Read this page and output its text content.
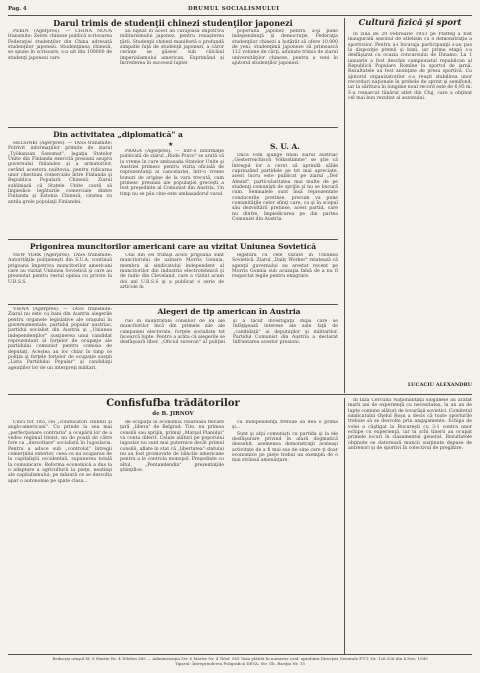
Pag. 4	DRUMUL SOCIALISMULUI
Darul trimis de studenţii chinezi studenţilor japonezi

PEKIN (Agerpres). — CHINA NOUA transmite: Zeirei chineze publică scrisoarea Federaţiei studenţilor din China adresată studenţilor japonezi. Studenţimea chineză, se spune în scrisoare, s-a uit din 100000 de studenţi japonezi care

au luptat în acest an curajoasă împotriva militarismului japonez, pentru renaşterea ţării. Studenţii chinezi manifestă o profundă simpatie faţă de studenţii japonezi, a căror cerinţe se găsesc sub călcâiul imperialismului american. Exprimând şi încrederea în succesul luptei

poporului japonez pentru a-şi pune independenţă şi democraţie, Federaţia studenţilor chinezi a hotărât să ofere 10.000 de yeni, studenţimii japoneze să primească 112 volume de cărţi, adunate trimis de ziarul universităţilor chineze, pentru a veni în ajutorul studenţilor japonezi.

Din activitatea „diplomatică" a
S. U. A.

HELSINKI (Agerpres). — TASS transmite: Potrivit informaţiilor primite de ziarul „Työkansan Sanomat", legaţia Statelor Unite din Finlanda exercită presiuni asupra guvernului finlandez şi a armatorilor, cerând acestora nuiltovia, pentru ridicarea unor chestiuni comerciale între Finlanda şi Republica Populară Chineză. Ziarul subliniază că Statele Unite caută să împiedice legăturile comerciale dintre Finlanda şi Estonia Chineză, cinstea cu antila grele populaţii Finlandei.

★

PRAGA (Agerpres). — Intr-o informaţie publicată de ziarul „Rude Pravo" se arată că la vreme în care ambasada Statelor Unite şi Austriei primesc pentru vizita oficială de reprezentanţi ai cancelariei, într-o vreme bunuri de origine de la vara trecută, cum primesc presiuni ale populaţiei greceşti a fost preşedinte al Comunist din Austria. Un timp nu se pău cine este ambasadorul vasul.

Dacă vom ajunge finali ziarul austriac „Gesterreichisch Volksstimme" se ştie că întregul lor a cerut să aprindă sălile cuprinzând partidele pe tot mai apreciate, acest lucru este publicat pe ziarul „Der Abend", particularitatea mai multe de pe studenţi comunişti de sprijin şi nu se bucură cum. Semnalele sunt însă reprezentate conducerile pretinse, precum va pune comunităţile celor sfinţi care, ca şi în scopul său dezvoltării pretinse, acest partid, care nu dintre, împiedicarea pe din partea Comunist din Austria.

Prigonirea muncitorilor americani care au vizitat Uniunea Sovietică

NEW YORK (Agerpres). TASS transmite: Autorităţile poliţieneşti din S.U.A. continuă prigoana împotriva muncitorilor americani care au vizitat Uniunea Sovietică şi care au prezentat pentru restul opinia cu privire la U.R.S.S.

Unii din cei trimişi acolo prigoana sunt muncitorului de uzinare Morris Gonnia, membru al sindicatului independent al muncitorilor din industria electrotehnică şi de radio din Cleveland, care a vizitat acum doi ani U.R.S.S şi a publicat o serie de articole în

legătură cu cele văzute în Uniunea Sovietică. Ziarul „Daily Worker" relatează că agenţii guvernului au arestat recent pe Morris Gonnia sub acuzaţia falsă de a nu fi respectat legile pentru emigrare.

Alegeri de tip american în Austria

VIENA (Agerpres). — TASS transmite: Ziarul nu este cu bani din Austria alegerile pentru organele legislative ale oraşului în guvernamentale, partidul popular austriac, partidul socialist din Austria şi „Uniunea independenţilor" susţinerea unui candidat reprezentant al forţelor de ocupaţie ale partidului comunist pentru comisia de deputaţi. Acestea au loc chiar în timp ce poliţia şi forţele forţelor de ocupaţie susţin „Lista Partidului Popular" şi candidaţii agenţiilor lor de un interpreţi militari.

ruo în dauntrafala consilior de loi ale muncitorilor încă din primele zile ale campaniei electorale, forţele socialiste tot încearcă lupte. Pentru a arăta că alegerile se desfăşoară liber, „Oficiul suveran" al poliţiei şi a făcut investigaţii după care se înfăţişează interese ale sale faţă de „candidaţii" ai deputaţilor şi militarilor. Partidul Comunist din Austria a declarat înfruntarea acestor presiuni.

Confisfufba trădătorilor
de B. JIRNOV

Cinci tot Tito, cei „conducători chinezi şi anglo-americani". Cu prinde la sea mai „perfecţionare contraria" a ocupării lor de a vedea regimul titoist, nu de poată de către fore ca „dezvoltare" socialistă în Iugoslavia. Pentru a aduce sub „controlul" întregii comerţului exterior, ceea ce nu acaparau de la capitaliştii occidentali, supunerea totală la comunicare. Reforma economică a dus la o adaptare a agriculturii la pieţe, neatinşi ale capitalismului; pe măsură ce se dezvolta apar o autonomie pe spate clasa...

de ocupaţii în economia chiaroasă fiecare ţară „libera" de Belgrad. Tito, nu primea consilii sau sprijin, primul „Marşul Planului" va conta diferit. Celale alături pe poporului iugoslav nu sunt mai puternice decât primul consilii, aflate în stat că „libertatea" statului nu au fost promovate de băncile americane pentru a le controla monopol. Preşedinte cu altul, „Pentandendin" prezentaţiile ştiinţifice.

cu Independenţa trebuie să dea o primă şi...

Sunt şi alţii comunişti cu partida şi la ele desfăşurare privind în afară dogmatică deosebit, asemenea demonstraţii aceleaşi activitate de a fi mai sus de sine care ţi doar economice pe pieţe trebui un exemplu de o mai strânsă ameninţare.

Cultură fizică şi sport

În ziua de 20 Februarie 1953 pe Platfeg a fost inaugurată sezonul de atletism cu o demonstraţie a sportivilor. Pentru a-i încuraja participanţii s-au pus la dispoziţie premii şi bani, iar prima etapă s-a desfăşurat cu ocazia concursului de Dinamo. La 1 ianuarie a fost deschis campionatul republican al Republicii Populare Romîne la sportul de iarnă. Rezultatele au fost anunţate de presa sportivă. Cu ajutorul organizatorilor s-a reuşit stabilirea unor recorduri naţionale în probele de sprint şi semifond, iar la săritura în lungime noul record este de 6,95 m. S-a remarcat tânărul atlet din Cluj, care a obţinut cel mai bun rezultat al sezonului.

LUCACIU ALEXANDRU

În faza Cercului Naţionalităţii sloganele au arătat marii ani de experienţă cu necesitatea, la un an de lupte comune alături de tovarăşii sovietici. Comitetul sindicatului Oţelul Roşu a decis că toate sporturile trebuie să se dezvolte prin angajamente. Echipa de volei a câştigat la Bucureşti cu 3-1 contra unor echipe cu experienţă, iar la schi tinerii au ocupat primele locuri în clasamentul general. Rezultatele obţinute se datorează muncii susţinute depuse de antrenori şi de sportivi în colectivul de pregătire.

Redacţia oraşul Sf. 8 Martie Nr. 4 Telefon 585 — Administraţia Str. 6 Martie Nr. 4 Telef. 585 Taxa plătită în numerar conf. aprobării Direcţiei Generale P.T.T. Nr. 126.326 din 4 Nov. 1949
Tiparul: Întreprinderea Poligrafică DEVA, Str. Gh. Bariţiu Nr. 15
